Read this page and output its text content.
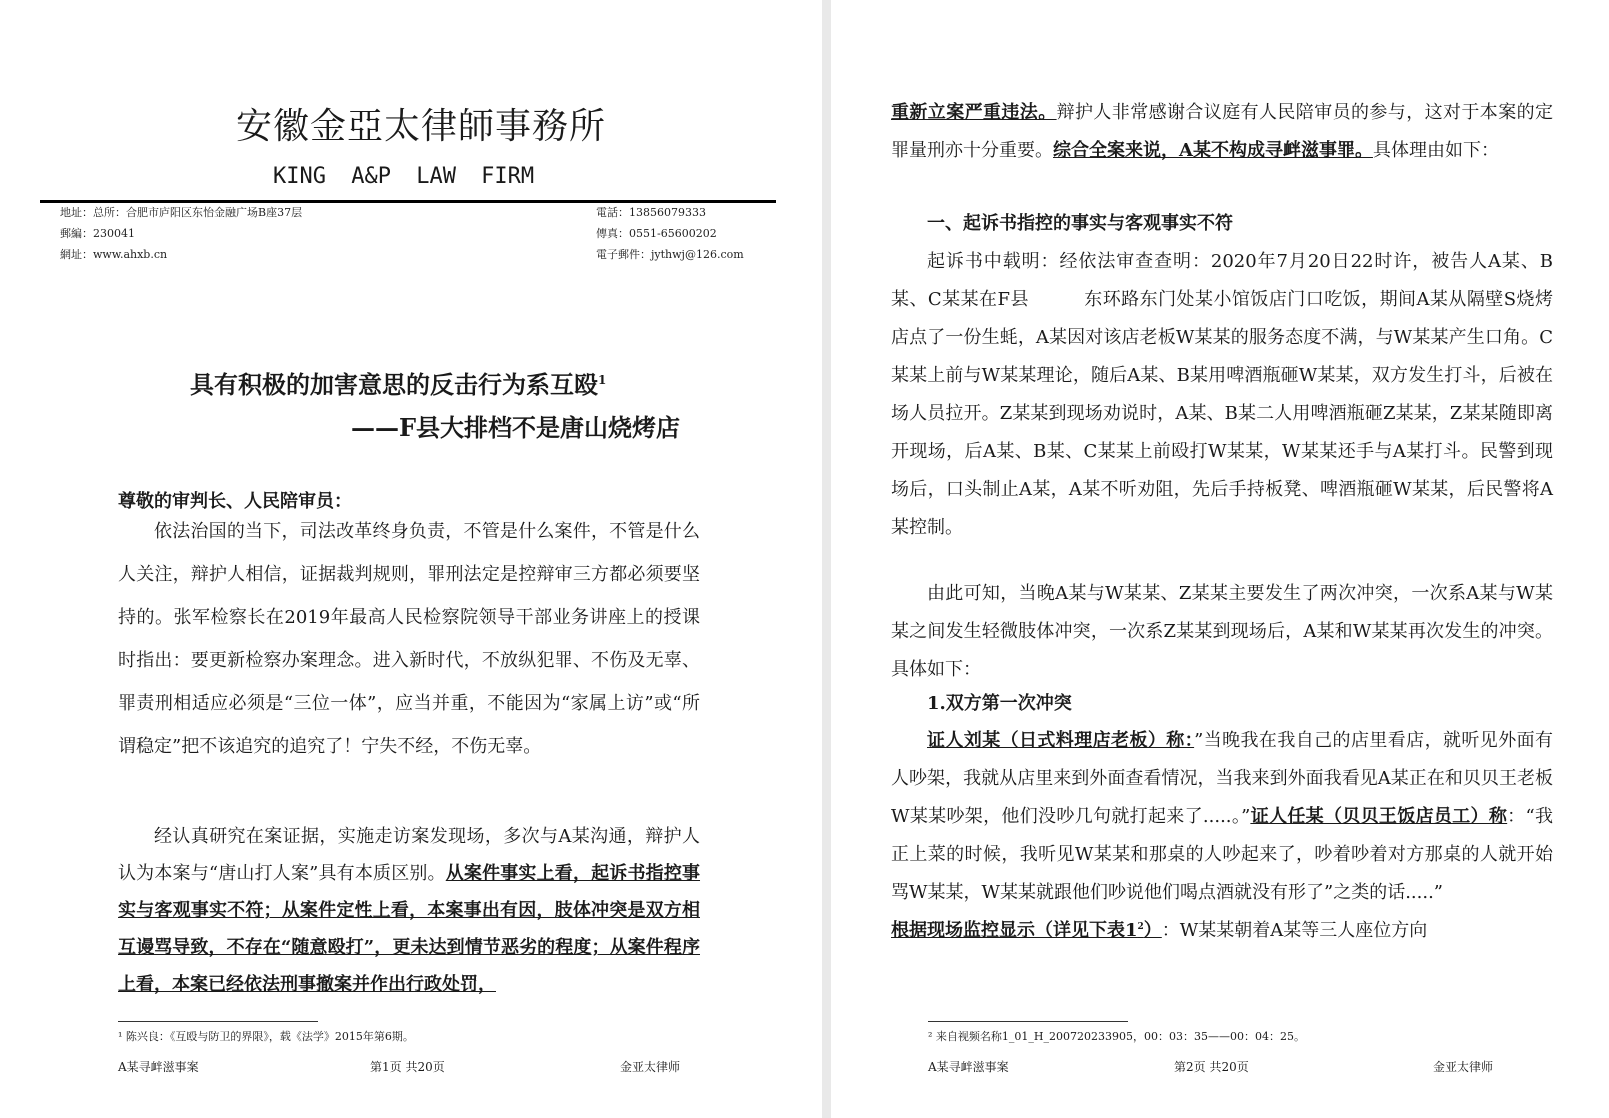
安徽金亞太律師事務所
KING A&P LAW FIRM
地址：总所：合肥市庐阳区东怡金融广场B座37层
郵編：230041
網址：www.ahxb.cn
電話：13856079333
傳真：0551-65600202
電子郵件：jythwj@126.com
具有积极的加害意思的反击行为系互殴$^1$
——F县大排档不是唐山烧烤店
尊敬的审判长、人民陪审员：
依法治国的当下，司法改革终身负责，不管是什么案件，不管是什么人关注，辩护人相信，证据裁判规则，罪刑法定是控辩审三方都必须要坚持的。张军检察长在2019年最高人民检察院领导干部业务讲座上的授课时指出：要更新检察办案理念。进入新时代，不放纵犯罪、不伤及无辜、罪责刑相适应必须是“三位一体”，应当并重，不能因为“家属上访”或“所谓稳定”把不该追究的追究了！宁失不经，不伤无辜。
经认真研究在案证据，实施走访案发现场，多次与A某沟通，辩护人认为本案与“唐山打人案”具有本质区别。从案件事实上看，起诉书指控事实与客观事实不符；从案件定性上看，本案事出有因，肢体冲突是双方相互谩骂导致，不存在“随意殴打”，更未达到情节恶劣的程度；从案件程序上看，本案已经依法刑事撤案并作出行政处罚，
¹ 陈兴良：《互殴与防卫的界限》，载《法学》2015年第6期。
A某寻衅滋事案	第1页 共20页	金亚太律师
重新立案严重违法。辩护人非常感谢合议庭有人民陪审员的参与，这对于本案的定罪量刑亦十分重要。综合全案来说，A某不构成寻衅滋事罪。具体理由如下：
一、起诉书指控的事实与客观事实不符
起诉书中载明：经依法审查查明：2020年7月20日22时许，被告人A某、B某、C某某在F县　　　东环路东门处某小馆饭店门口吃饭，期间A某从隔壁S烧烤店点了一份生蚝，A某因对该店老板W某某的服务态度不满，与W某某产生口角。C某某上前与W某某理论，随后A某、B某用啤酒瓶砸W某某，双方发生打斗，后被在场人员拉开。Z某某到现场劝说时，A某、B某二人用啤酒瓶砸Z某某，Z某某随即离开现场，后A某、B某、C某某上前殴打W某某，W某某还手与A某打斗。民警到现场后，口头制止A某，A某不听劝阻，先后手持板凳、啤酒瓶砸W某某，后民警将A某控制。
由此可知，当晚A某与W某某、Z某某主要发生了两次冲突，一次系A某与W某某之间发生轻微肢体冲突，一次系Z某某到现场后，A某和W某某再次发生的冲突。具体如下：
1.双方第一次冲突
证人刘某（日式料理店老板）称：”当晚我在我自己的店里看店，就听见外面有人吵架，我就从店里来到外面查看情况，当我来到外面我看见A某正在和贝贝王老板W某某吵架，他们没吵几句就打起来了.....。”证人任某（贝贝王饭店员工）称：“我正上菜的时候，我听见W某某和那桌的人吵起来了，吵着吵着对方那桌的人就开始骂W某某，W某某就跟他们吵说他们喝点酒就没有形了”之类的话.....”
根据现场监控显示（详见下表$1^2$）：W某某朝着A某等三人座位方向
² 来自视频名称1_01_H_200720233905，00：03：35——00：04：25。
A某寻衅滋事案	第2页 共20页	金亚太律师
